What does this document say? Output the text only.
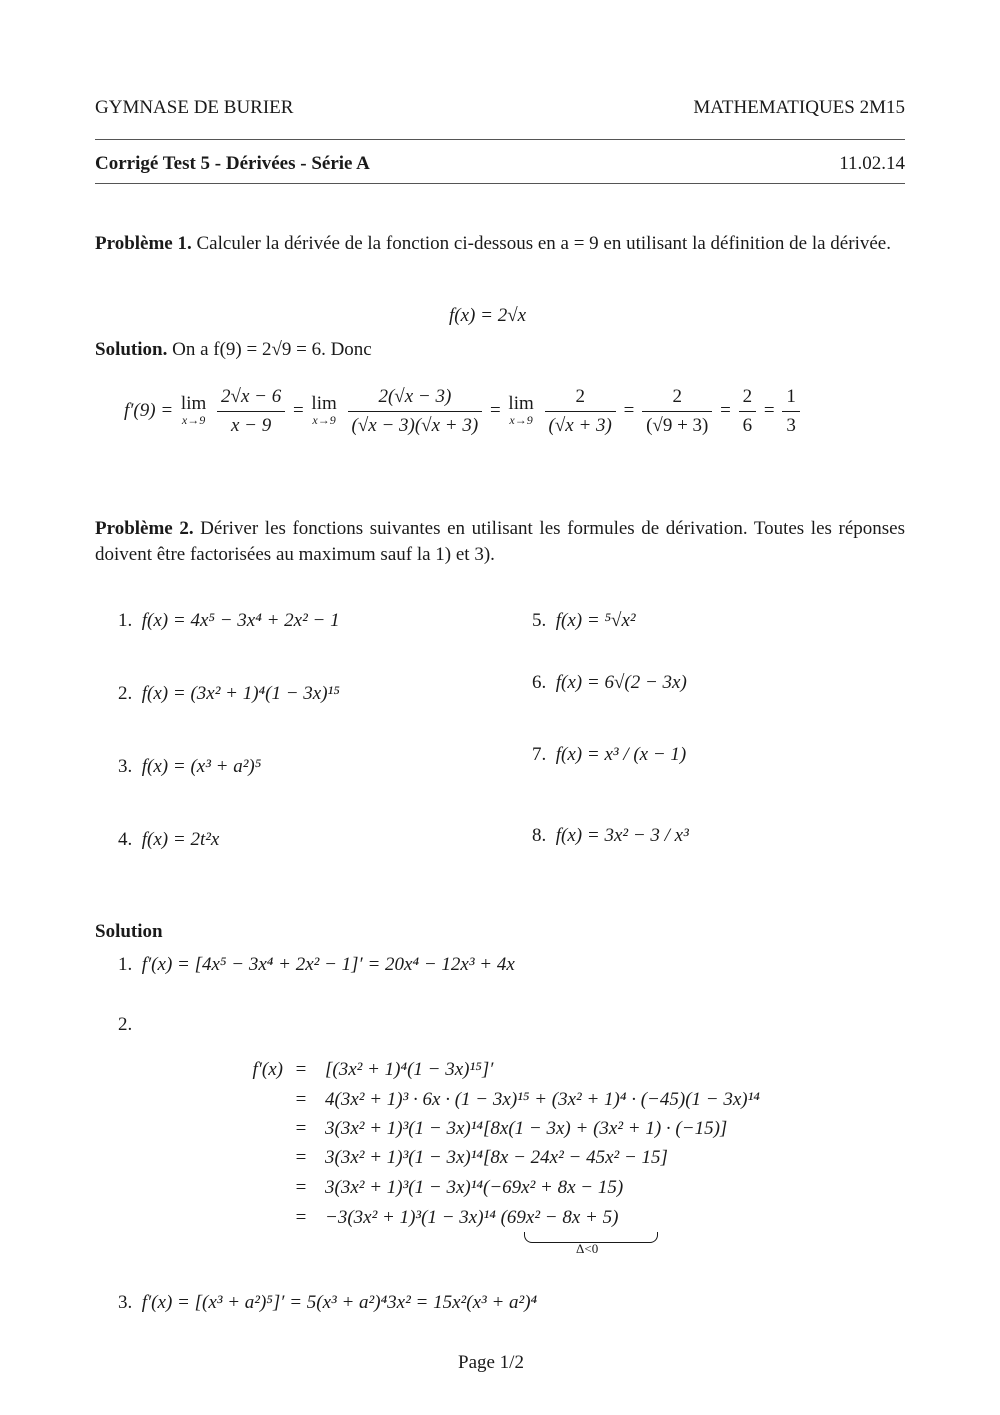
GYMNASE DE BURIER	MATHEMATIQUES 2M15
Corrigé Test 5 - Dérivées - Série A	11.02.14
Problème 1. Calculer la dérivée de la fonction ci-dessous en a = 9 en utilisant la définition de la dérivée.
f(x) = 2√x
Solution. On a f(9) = 2√9 = 6. Donc
f′(9) = lim
x→9
$\frac{2√x - 6}{x - 9} = \lim$
x→9
$\frac{2(√x - 3)}{(√x - 3)(√x + 3)} = \lim$
x→9
$\frac{2}{(√x + 3)} = \frac{2}{(√9 + 3)} = \frac{2}{6} = \frac{1}{3}$
Problème 2. Dériver les fonctions suivantes en utilisant les formules de dérivation. Toutes les réponses doivent être factorisées au maximum sauf la 1) et 3).
1. f(x) = 4x⁵ − 3x⁴ + 2x² − 1
2. f(x) = (3x² + 1)⁴(1 − 3x)¹⁵
3. f(x) = (x³ + a²)⁵
4. f(x) = 2t²x
5. f(x) = ⁵√x²
6. f(x) = 6√(2 − 3x)
7. f(x) = x³ / (x − 1)
8. f(x) = 3x² − 3 / x³
Solution
1. f′(x) = [4x⁵ − 3x⁴ + 2x² − 1]′ = 20x⁴ − 12x³ + 4x
2.
f′(x) = [(3x² + 1)⁴(1 − 3x)¹⁵]′
= 4(3x² + 1)³ · 6x · (1 − 3x)¹⁵ + (3x² + 1)⁴ · (−45)(1 − 3x)¹⁴
= 3(3x² + 1)³(1 − 3x)¹⁴[8x(1 − 3x) + (3x² + 1) · (−15)]
= 3(3x² + 1)³(1 − 3x)¹⁴[8x − 24x² − 45x² − 15]
= 3(3x² + 1)³(1 − 3x)¹⁴(−69x² + 8x − 15)
= −3(3x² + 1)³(1 − 3x)¹⁴ (69x² − 8x + 5)
Δ<0
3. f′(x) = [(x³ + a²)⁵]′ = 5(x³ + a²)⁴3x² = 15x²(x³ + a²)⁴
Page 1/2
